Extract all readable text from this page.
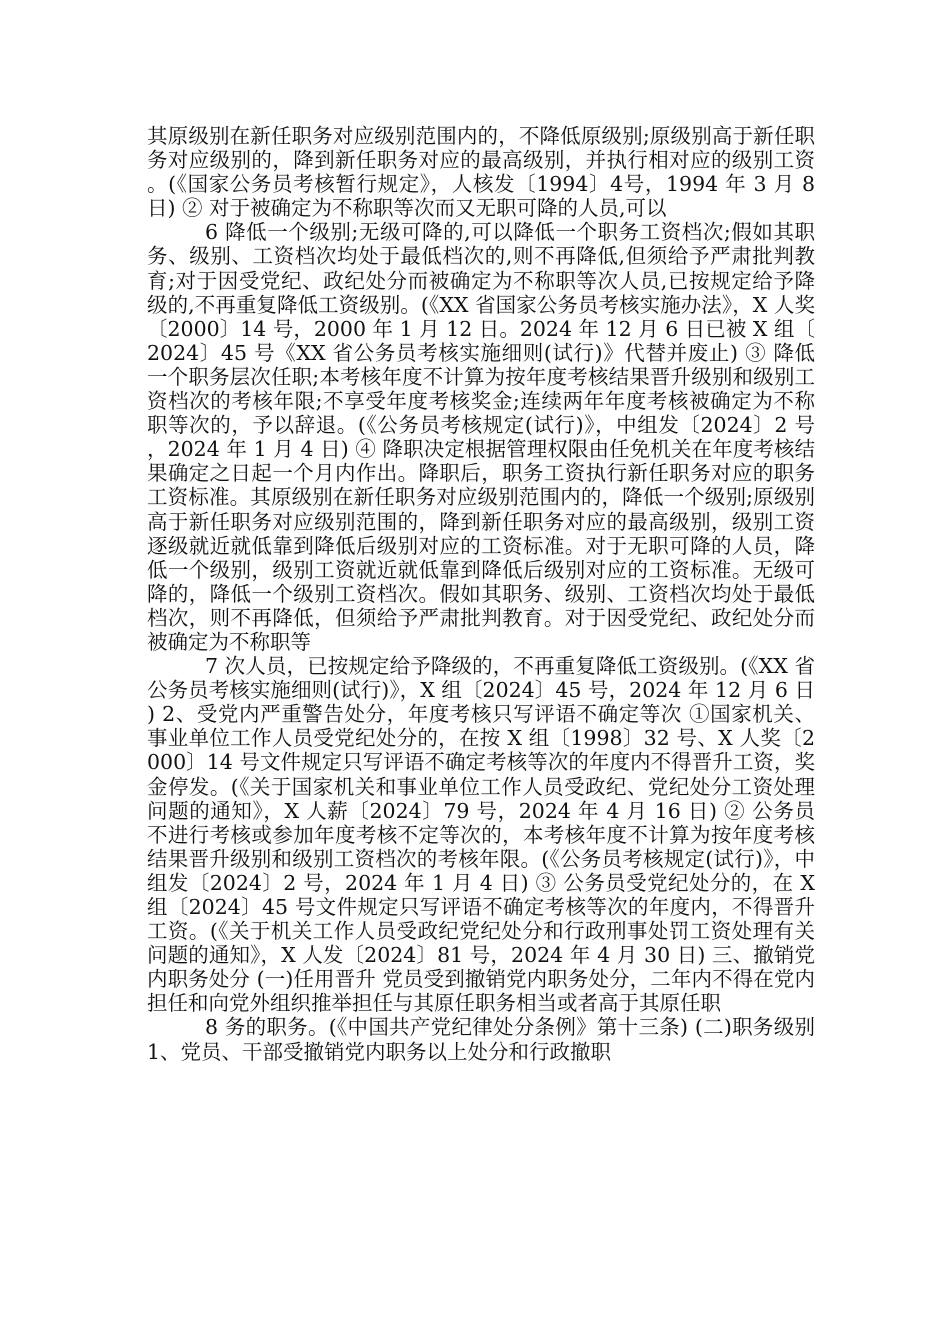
其原级别在新任职务对应级别范围内的，不降低原级别;原级别高于新任职务对应级别的，降到新任职务对应的最高级别，并执行相对应的级别工资。(《国家公务员考核暂行规定》，人核发〔1994〕4号，1994 年 3 月 8 日) ② 对于被确定为不称职等次而又无职可降的人员,可以

6 降低一个级别;无级可降的,可以降低一个职务工资档次;假如其职务、级别、工资档次均处于最低档次的,则不再降低,但须给予严肃批判教育;对于因受党纪、政纪处分而被确定为不称职等次人员,已按规定给予降级的,不再重复降低工资级别。(《XX 省国家公务员考核实施办法》，X 人奖〔2000〕14 号，2000 年 1 月 12 日。2024 年 12 月 6 日已被 X 组〔2024〕45 号《XX 省公务员考核实施细则(试行)》代替并废止) ③ 降低一个职务层次任职;本考核年度不计算为按年度考核结果晋升级别和级别工资档次的考核年限;不享受年度考核奖金;连续两年年度考核被确定为不称职等次的，予以辞退。(《公务员考核规定(试行)》，中组发〔2024〕2 号，2024 年 1 月 4 日) ④ 降职决定根据管理权限由任免机关在年度考核结果确定之日起一个月内作出。降职后，职务工资执行新任职务对应的职务工资标准。其原级别在新任职务对应级别范围内的，降低一个级别;原级别高于新任职务对应级别范围的，降到新任职务对应的最高级别，级别工资逐级就近就低靠到降低后级别对应的工资标准。对于无职可降的人员，降低一个级别，级别工资就近就低靠到降低后级别对应的工资标准。无级可降的，降低一个级别工资档次。假如其职务、级别、工资档次均处于最低档次，则不再降低，但须给予严肃批判教育。对于因受党纪、政纪处分而被确定为不称职等

7 次人员，已按规定给予降级的，不再重复降低工资级别。(《XX 省公务员考核实施细则(试行)》，X 组〔2024〕45 号，2024 年 12 月 6 日) 2、受党内严重警告处分，年度考核只写评语不确定等次 ①国家机关、事业单位工作人员受党纪处分的，在按 X 组〔1998〕32 号、X 人奖〔2000〕14 号文件规定只写评语不确定考核等次的年度内不得晋升工资，奖金停发。(《关于国家机关和事业单位工作人员受政纪、党纪处分工资处理问题的通知》，X 人薪〔2024〕79 号，2024 年 4 月 16 日) ② 公务员不进行考核或参加年度考核不定等次的，本考核年度不计算为按年度考核结果晋升级别和级别工资档次的考核年限。(《公务员考核规定(试行)》，中组发〔2024〕2 号，2024 年 1 月 4 日) ③ 公务员受党纪处分的，在 X 组〔2024〕45 号文件规定只写评语不确定考核等次的年度内，不得晋升工资。(《关于机关工作人员受政纪党纪处分和行政刑事处罚工资处理有关问题的通知》，X 人发〔2024〕81 号，2024 年 4 月 30 日) 三、撤销党内职务处分 (一)任用晋升 党员受到撤销党内职务处分，二年内不得在党内担任和向党外组织推举担任与其原任职务相当或者高于其原任职

8 务的职务。(《中国共产党纪律处分条例》第十三条) (二)职务级别 1、党员、干部受撤销党内职务以上处分和行政撤职
